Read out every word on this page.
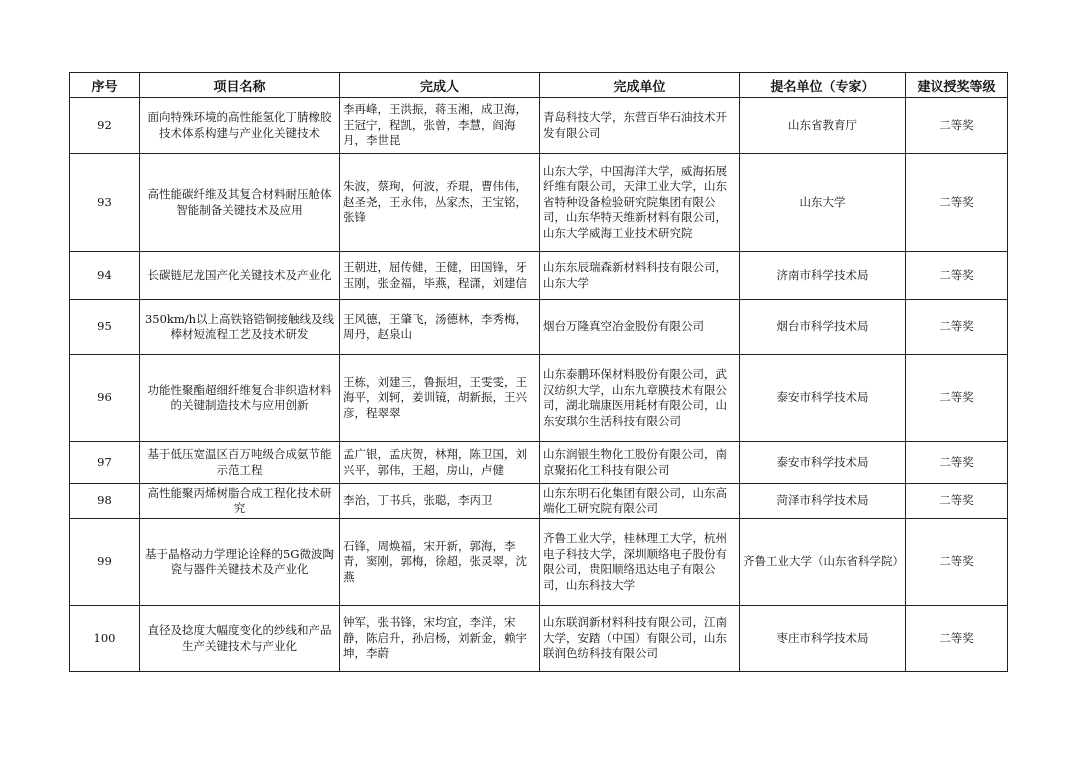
序号	项目名称	完成人	完成单位	提名单位（专家）	建议授奖等级
92	面向特殊环境的高性能氢化丁腈橡胶技术体系构建与产业化关键技术	李再峰，王洪振，蒋玉湘，成卫海，王冠宁，程凯，张曾，李慧，阎海月，李世昆	青岛科技大学，东营百华石油技术开发有限公司	山东省教育厅	二等奖
93	高性能碳纤维及其复合材料耐压舱体智能制备关键技术及应用	朱波，蔡珣，何波，乔琨，曹伟伟，赵圣尧，王永伟，丛家杰，王宝铭，张锋	山东大学，中国海洋大学，威海拓展纤维有限公司，天津工业大学，山东省特种设备检验研究院集团有限公司，山东华特天维新材料有限公司，山东大学威海工业技术研究院	山东大学	二等奖
94	长碳链尼龙国产化关键技术及产业化	王朝进，屈传健，王健，田国锋，牙玉刚，张金福，毕燕，程潇，刘建信	山东东辰瑞森新材料科技有限公司，山东大学	济南市科学技术局	二等奖
95	350km/h以上高铁铬锆铜接触线及线棒材短流程工艺及技术研发	王风德，王肇飞，汤德林，李秀梅，周丹，赵泉山	烟台万隆真空冶金股份有限公司	烟台市科学技术局	二等奖
96	功能性聚酯超细纤维复合非织造材料的关键制造技术与应用创新	王栋，刘建三，鲁振坦，王雯雯，王海平，刘轲，姜训镜，胡新振，王兴彦，程翠翠	山东泰鹏环保材料股份有限公司，武汉纺织大学，山东九章膜技术有限公司，湖北瑞康医用耗材有限公司，山东安琪尔生活科技有限公司	泰安市科学技术局	二等奖
97	基于低压宽温区百万吨级合成氨节能示范工程	孟广银，孟庆贺，林翔，陈卫国，刘兴平，郭伟，王超，房山，卢健	山东润银生物化工股份有限公司，南京聚拓化工科技有限公司	泰安市科学技术局	二等奖
98	高性能聚丙烯树脂合成工程化技术研究	李治，丁书兵，张聪，李丙卫	山东东明石化集团有限公司，山东高端化工研究院有限公司	菏泽市科学技术局	二等奖
99	基于晶格动力学理论诠释的5G微波陶瓷与器件关键技术及产业化	石锋，周焕福，宋开新，郭海，李青，窦刚，郭梅，徐超，张灵翠，沈燕	齐鲁工业大学，桂林理工大学，杭州电子科技大学，深圳顺络电子股份有限公司，贵阳顺络迅达电子有限公司，山东科技大学	齐鲁工业大学（山东省科学院）	二等奖
100	直径及捻度大幅度变化的纱线和产品生产关键技术与产业化	钟军，张书锋，宋均宜，李洋，宋静，陈启升，孙启杨，刘新金，赖宇坤，李蔚	山东联润新材料科技有限公司，江南大学，安踏（中国）有限公司，山东联润色纺科技有限公司	枣庄市科学技术局	二等奖
